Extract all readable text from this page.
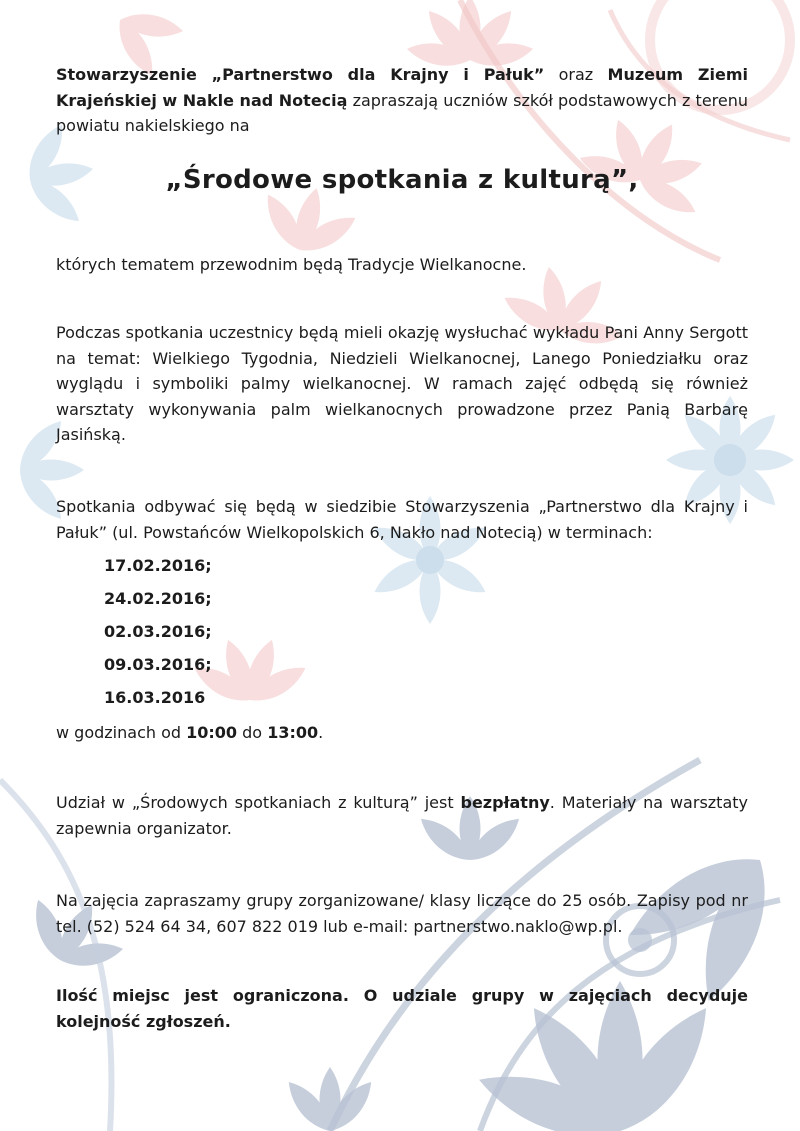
Stowarzyszenie „Partnerstwo dla Krajny i Pałuk” oraz Muzeum Ziemi Krajeńskiej w Nakle nad Notecią zapraszają uczniów szkół podstawowych z terenu powiatu nakielskiego na
„Środowe spotkania z kulturą”,
których tematem przewodnim będą Tradycje Wielkanocne.
Podczas spotkania uczestnicy będą mieli okazję wysłuchać wykładu Pani Anny Sergott na temat: Wielkiego Tygodnia, Niedzieli Wielkanocnej, Lanego Poniedziałku oraz wyglądu i symboliki palmy wielkanocnej. W ramach zajęć odbędą się również warsztaty wykonywania palm wielkanocnych prowadzone przez Panią Barbarę Jasińską.
Spotkania odbywać się będą w siedzibie Stowarzyszenia „Partnerstwo dla Krajny i Pałuk” (ul. Powstańców Wielkopolskich 6, Nakło nad Notecią) w terminach:
17.02.2016;
24.02.2016;
02.03.2016;
09.03.2016;
16.03.2016
w godzinach od 10:00 do 13:00.
Udział w „Środowych spotkaniach z kulturą” jest bezpłatny. Materiały na warsztaty zapewnia organizator.
Na zajęcia zapraszamy grupy zorganizowane/ klasy liczące do 25 osób. Zapisy pod nr tel. (52) 524 64 34, 607 822 019 lub e-mail: partnerstwo.naklo@wp.pl.
Ilość miejsc jest ograniczona. O udziale grupy w zajęciach decyduje kolejność zgłoszeń.
